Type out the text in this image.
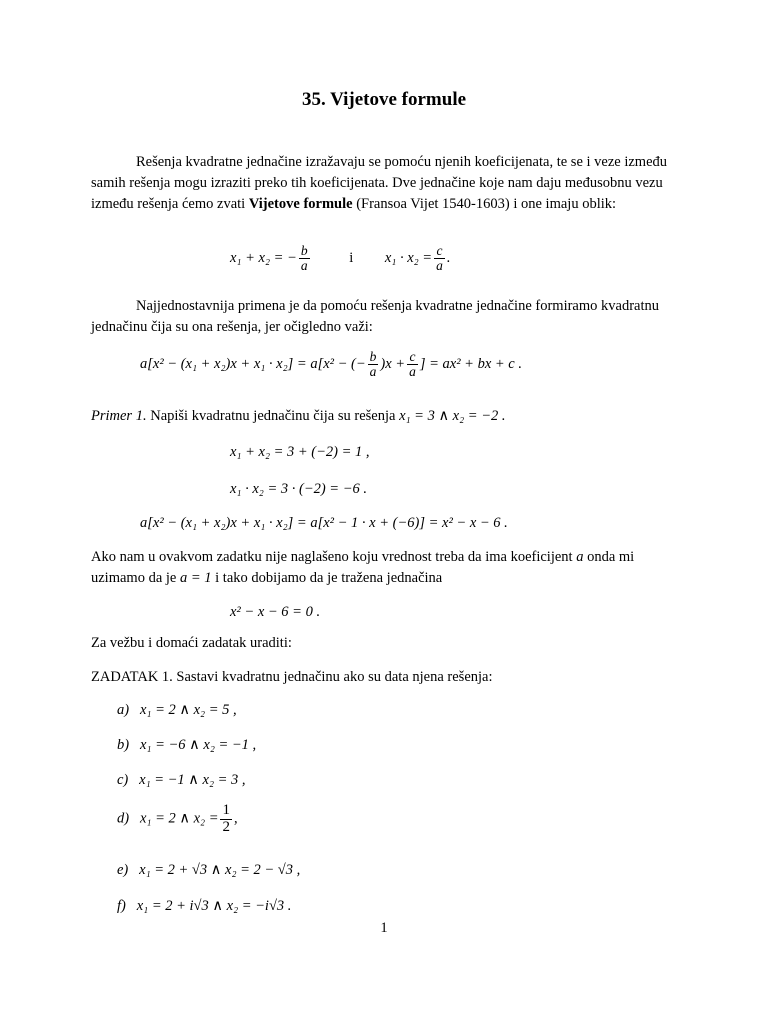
35. Vijetove formule
Rešenja kvadratne jednačine izražavaju se pomoću njenih koeficijenata, te se i veze između samih rešenja mogu izraziti preko tih koeficijenata. Dve jednačine koje nam daju međusobnu vezu između rešenja ćemo zvati Vijetove formule (Fransoa Vijet 1540-1603) i one imaju oblik:
x₁ + x₂ = − $\frac{b}{a}$	i $x_1 \cdot x_2 = \frac{c}{a}$ .
Najjednostavnija primena je da pomoću rešenja kvadratne jednačine formiramo kvadratnu jednačinu čija su ona rešenja, jer očigledno važi:
a[x² − (x₁ + x₂)x + x₁ · x₂] = a[x² − (− $\frac{b}{a} )x + \frac{c}{a}$ ] = ax² + bx + c .
Primer 1. Napiši kvadratnu jednačinu čija su rešenja x₁ = 3 ∧ x₂ = −2 .
x₁ + x₂ = 3 + (−2) = 1 ,
x₁ · x₂ = 3 · (−2) = −6 .
a[x² − (x₁ + x₂)x + x₁ · x₂] = a[x² − 1 · x + (−6)] = x² − x − 6 .
Ako nam u ovakvom zadatku nije naglašeno koju vrednost treba da ima koeficijent a onda mi uzimamo da je a = 1 i tako dobijamo da je tražena jednačina
x² − x − 6 = 0 .
Za vežbu i domaći zadatak uraditi:
ZADATAK 1. Sastavi kvadratnu jednačinu ako su data njena rešenja:
a) x₁ = 2 ∧ x₂ = 5 ,
b) x₁ = −6 ∧ x₂ = −1 ,
c) x₁ = −1 ∧ x₂ = 3 ,
d) x₁ = 2 ∧ $x_2 = \frac{1}{2}$ ,
e) x₁ = 2 + √3 ∧ x₂ = 2 − √3 ,
f) x₁ = 2 + i√3 ∧ x₂ = −i√3 .
1
